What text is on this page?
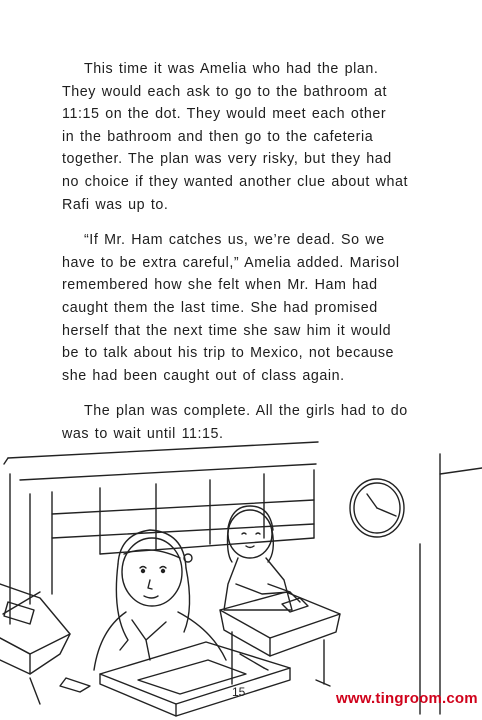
This time it was Amelia who had the plan.
They would each ask to go to the bathroom at
11:15 on the dot. They would meet each other
in the bathroom and then go to the cafeteria
together. The plan was very risky, but they had
no choice if they wanted another clue about what
Rafi was up to.

“If Mr. Ham catches us, we’re dead. So we
have to be extra careful,” Amelia added. Marisol
remembered how she felt when Mr. Ham had
caught them the last time. She had promised
herself that the next time she saw him it would
be to talk about his trip to Mexico, not because
she had been caught out of class again.

The plan was complete. All the girls had to do
was to wait until 11:15.

15	www.tingroom.com
